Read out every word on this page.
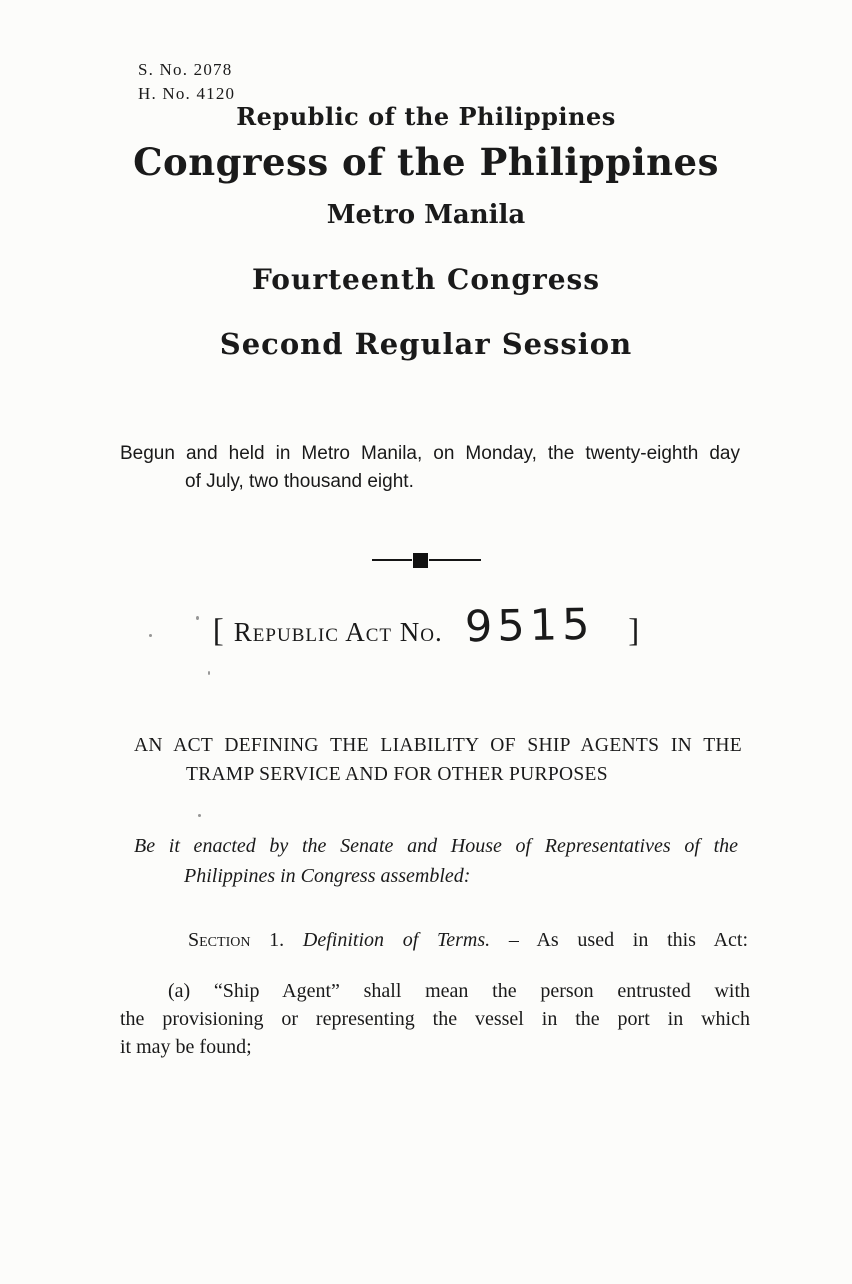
S. No. 2078
H. No. 4120
Republic of the Philippines
Congress of the Philippines
Metro Manila
Fourteenth Congress
Second Regular Session
Begun and held in Metro Manila, on Monday, the twenty-eighth day
of July, two thousand eight.
[ Republic Act No. 9515 ]
AN ACT DEFINING THE LIABILITY OF SHIP AGENTS IN THE
TRAMP SERVICE AND FOR OTHER PURPOSES
Be it enacted by the Senate and House of Representatives of the
Philippines in Congress assembled:
Section 1. Definition of Terms. – As used in this Act:
(a) “Ship Agent” shall mean the person entrusted with
the provisioning or representing the vessel in the port in which
it may be found;
